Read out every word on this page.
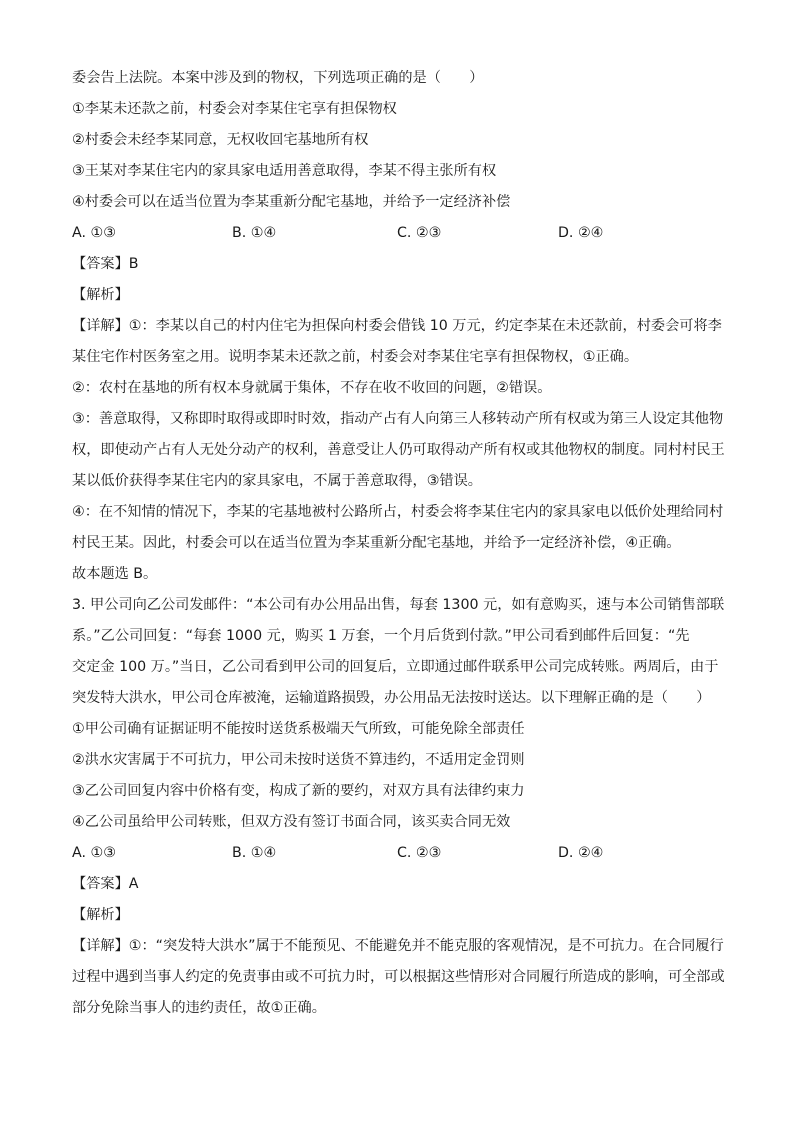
委会告上法院。本案中涉及到的物权，下列选项正确的是（　　）
①李某未还款之前，村委会对李某住宅享有担保物权
②村委会未经李某同意，无权收回宅基地所有权
③王某对李某住宅内的家具家电适用善意取得，李某不得主张所有权
④村委会可以在适当位置为李某重新分配宅基地，并给予一定经济补偿
A. ①③	B. ①④	C. ②③	D. ②④
【答案】B
【解析】
【详解】①：李某以自己的村内住宅为担保向村委会借钱 10 万元，约定李某在未还款前，村委会可将李
某住宅作村医务室之用。说明李某未还款之前，村委会对李某住宅享有担保物权，①正确。
②：农村在基地的所有权本身就属于集体，不存在收不收回的问题，②错误。
③：善意取得，又称即时取得或即时时效，指动产占有人向第三人移转动产所有权或为第三人设定其他物
权，即使动产占有人无处分动产的权利，善意受让人仍可取得动产所有权或其他物权的制度。同村村民王
某以低价获得李某住宅内的家具家电，不属于善意取得，③错误。
④：在不知情的情况下，李某的宅基地被村公路所占，村委会将李某住宅内的家具家电以低价处理给同村
村民王某。因此，村委会可以在适当位置为李某重新分配宅基地，并给予一定经济补偿，④正确。
故本题选 B。
3. 甲公司向乙公司发邮件：“本公司有办公用品出售，每套 1300 元，如有意购买，速与本公司销售部联
系。”乙公司回复：“每套 1000 元，购买 1 万套，一个月后货到付款。”甲公司看到邮件后回复：“先
交定金 100 万。”当日，乙公司看到甲公司的回复后，立即通过邮件联系甲公司完成转账。两周后，由于
突发特大洪水，甲公司仓库被淹，运输道路损毁，办公用品无法按时送达。以下理解正确的是（　　）
①甲公司确有证据证明不能按时送货系极端天气所致，可能免除全部责任
②洪水灾害属于不可抗力，甲公司未按时送货不算违约，不适用定金罚则
③乙公司回复内容中价格有变，构成了新的要约，对双方具有法律约束力
④乙公司虽给甲公司转账，但双方没有签订书面合同，该买卖合同无效
A. ①③	B. ①④	C. ②③	D. ②④
【答案】A
【解析】
【详解】①：“突发特大洪水”属于不能预见、不能避免并不能克服的客观情况，是不可抗力。在合同履行
过程中遇到当事人约定的免责事由或不可抗力时，可以根据这些情形对合同履行所造成的影响，可全部或
部分免除当事人的违约责任，故①正确。
